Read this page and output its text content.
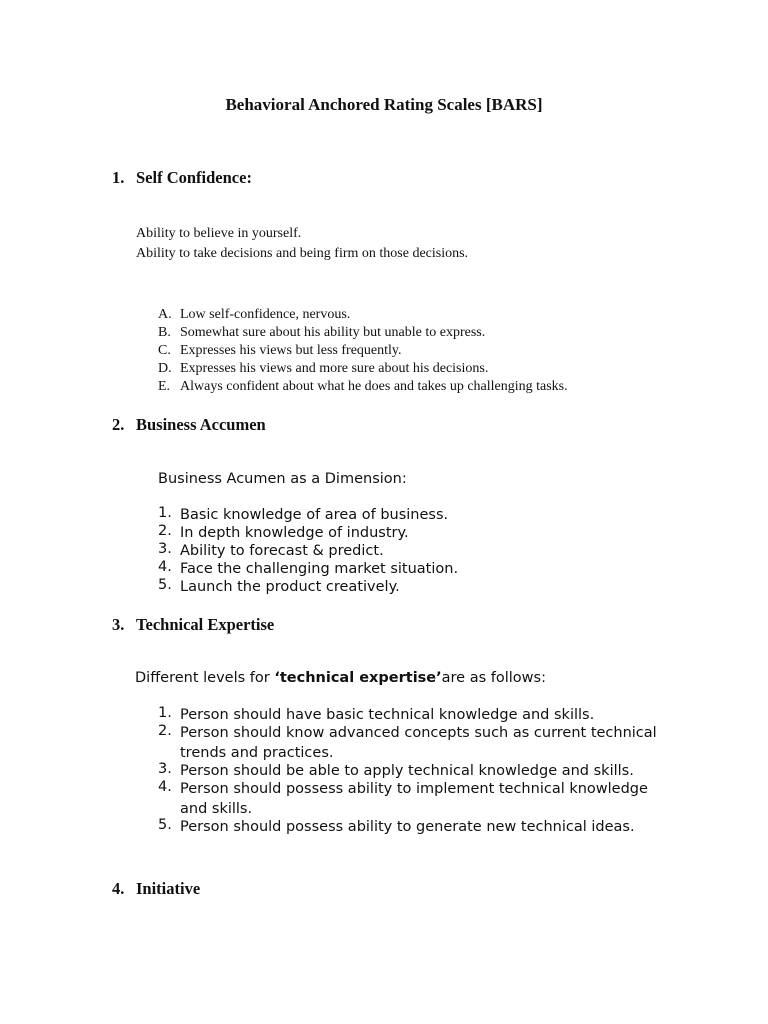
Behavioral Anchored Rating Scales [BARS]
1. Self Confidence:
Ability to believe in yourself.
Ability to take decisions and being firm on those decisions.
A. Low self-confidence, nervous.
B. Somewhat sure about his ability but unable to express.
C. Expresses his views but less frequently.
D. Expresses his views and more sure about his decisions.
E. Always confident about what he does and takes up challenging tasks.
2. Business Accumen
Business Acumen as a Dimension:
1. Basic knowledge of area of business.
2. In depth knowledge of industry.
3. Ability to forecast & predict.
4. Face the challenging market situation.
5. Launch the product creatively.
3. Technical Expertise
Different levels for ‘technical expertise’are as follows:
1. Person should have basic technical knowledge and skills.
2. Person should know advanced concepts such as current technical
trends and practices.
3. Person should be able to apply technical knowledge and skills.
4. Person should possess ability to implement technical knowledge
and skills.
5. Person should possess ability to generate new technical ideas.
4. Initiative
